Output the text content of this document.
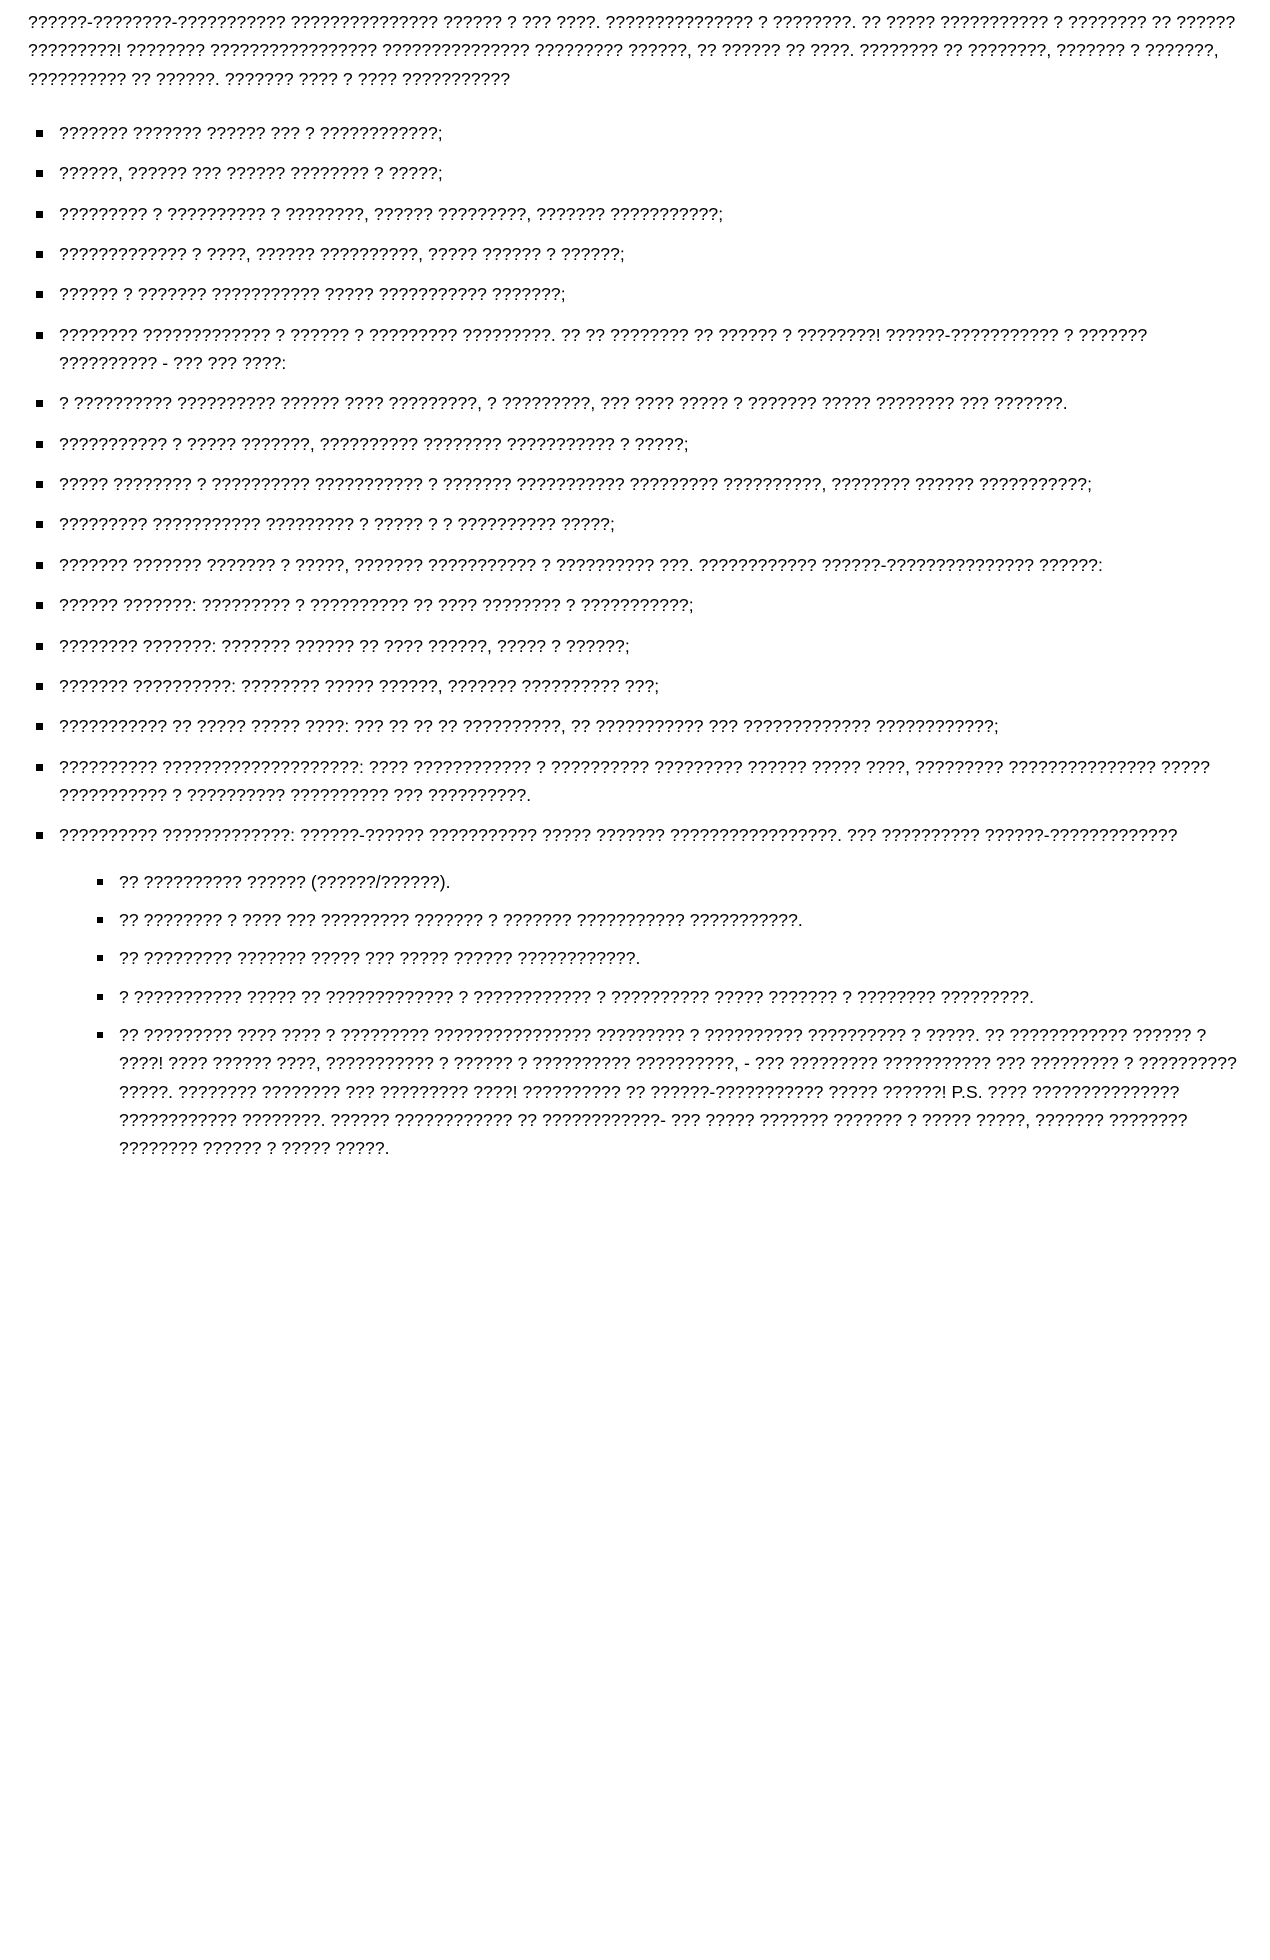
??????-????????-??????????? ??????????????? ?????? ? ??? ????. ??????????????? ? ????????. ?? ????? ??????????? ? ???????? ?? ?????? ?????????! ???????? ????????????????? ??????????????? ????????? ??????, ?? ?????? ?? ????. ???????? ?? ????????, ??????? ? ???????, ?????????? ?? ??????. ??????? ???? ? ???? ???????????

??????? ??????? ?????? ??? ? ????????????;
??????, ?????? ??? ?????? ???????? ? ?????;
????????? ? ?????????? ? ????????, ?????? ?????????, ??????? ???????????;
????????????? ? ????, ?????? ??????????, ????? ?????? ? ??????;
?????? ? ??????? ??????????? ????? ??????????? ???????;
???????? ????????????? ? ?????? ? ????????? ?????????. ?? ?? ???????? ?? ?????? ? ????????! ??????-??????????? ? ??????? ?????????? - ??? ??? ????:
? ?????????? ?????????? ?????? ???? ?????????, ? ?????????, ??? ???? ????? ? ??????? ????? ???????? ??? ???????.
??????????? ? ????? ???????, ?????????? ???????? ??????????? ? ?????;
????? ???????? ? ?????????? ??????????? ? ??????? ??????????? ????????? ??????????, ???????? ?????? ???????????;
????????? ??????????? ????????? ? ????? ? ? ?????????? ?????;
??????? ??????? ??????? ? ?????, ??????? ??????????? ? ?????????? ???. ???????????? ??????-??????????????? ??????:
?????? ???????: ????????? ? ?????????? ?? ???? ???????? ? ???????????;
???????? ???????: ??????? ?????? ?? ???? ??????, ????? ? ??????;
??????? ??????????: ???????? ????? ??????, ??????? ?????????? ???;
??????????? ?? ????? ????? ????: ??? ?? ?? ?? ??????????, ?? ??????????? ??? ????????????? ????????????;
?????????? ????????????????????: ???? ???????????? ? ?????????? ????????? ?????? ????? ????, ????????? ??????????????? ????? ??????????? ? ?????????? ?????????? ??? ??????????.
?????????? ?????????????: ??????-?????? ??????????? ????? ??????? ?????????????????. ??? ?????????? ??????-?????????????
?? ?????????? ?????? (??????/??????).
?? ???????? ? ???? ??? ????????? ??????? ? ??????? ??????????? ???????????.
?? ????????? ??????? ????? ??? ????? ?????? ????????????.
? ??????????? ????? ?? ????????????? ? ???????????? ? ?????????? ????? ??????? ? ???????? ?????????.
?? ????????? ???? ???? ? ????????? ???????????????? ????????? ? ?????????? ?????????? ? ?????. ?? ???????????? ?????? ? ????! ???? ?????? ????, ??????????? ? ?????? ? ?????????? ??????????, - ??? ????????? ??????????? ??? ????????? ? ?????????? ?????. ???????? ???????? ??? ????????? ????! ?????????? ?? ??????-??????????? ????? ??????! P.S. ???? ??????????????? ???????????? ????????. ?????? ???????????? ?? ????????????- ??? ????? ??????? ??????? ? ????? ?????, ??????? ???????? ???????? ?????? ? ????? ?????.
